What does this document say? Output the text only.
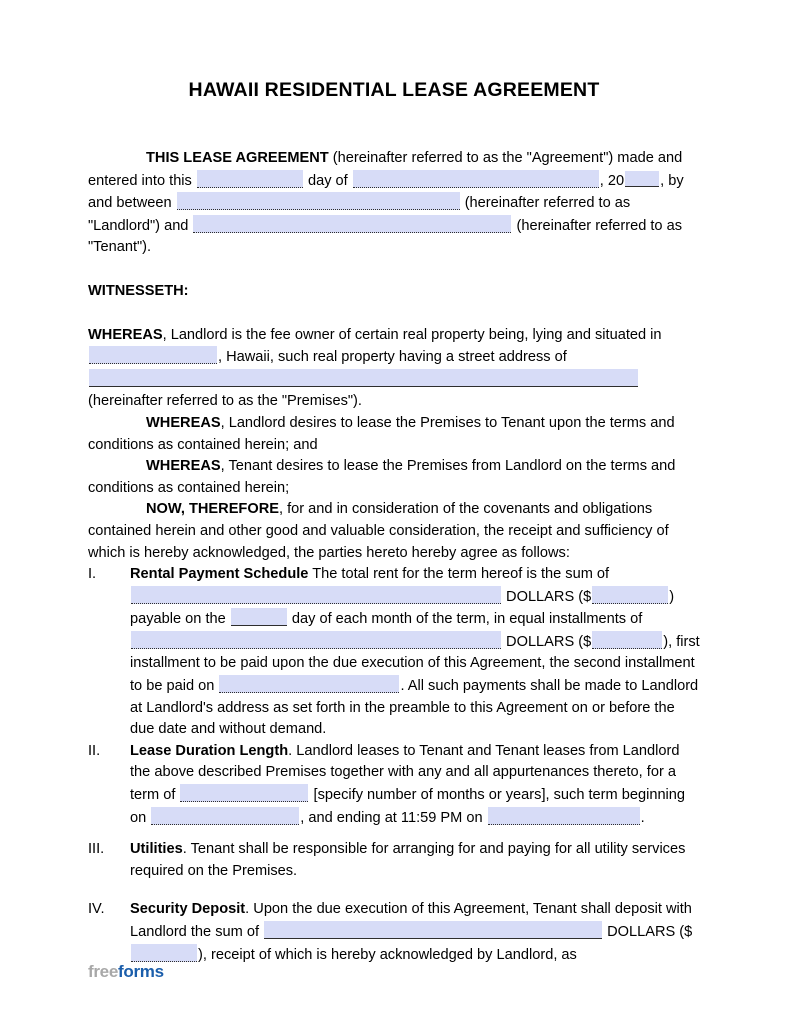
HAWAII RESIDENTIAL LEASE AGREEMENT

THIS LEASE AGREEMENT (hereinafter referred to as the "Agreement") made and entered into this	day of	, 20 , by and between	(hereinafter referred to as "Landlord") and	(hereinafter referred to as "Tenant").

WITNESSETH:

WHEREAS, Landlord is the fee owner of certain real property being, lying and situated in , Hawaii, such real property having a street address of  (hereinafter referred to as the "Premises").

WHEREAS, Landlord desires to lease the Premises to Tenant upon the terms and conditions as contained herein; and

WHEREAS, Tenant desires to lease the Premises from Landlord on the terms and conditions as contained herein;

NOW, THEREFORE, for and in consideration of the covenants and obligations contained herein and other good and valuable consideration, the receipt and sufficiency of which is hereby acknowledged, the parties hereto hereby agree as follows:

I.	Rental Payment Schedule The total rent for the term hereof is the sum of  DOLLARS ($	) payable on the	day of each month of the term, in equal installments of  DOLLARS ($	), first installment to be paid upon the due execution of this Agreement, the second installment to be paid on	. All such payments shall be made to Landlord at Landlord's address as set forth in the preamble to this Agreement on or before the due date and without demand.
II.	Lease Duration Length. Landlord leases to Tenant and Tenant leases from Landlord the above described Premises together with any and all appurtenances thereto, for a term of	[specify number of months or years], such term beginning on	, and ending at 11:59 PM on	.
III.	Utilities. Tenant shall be responsible for arranging for and paying for all utility services required on the Premises.
IV.	Security Deposit. Upon the due execution of this Agreement, Tenant shall deposit with Landlord the sum of	DOLLARS ($), receipt of which is hereby acknowledged by Landlord, as
freeforms
